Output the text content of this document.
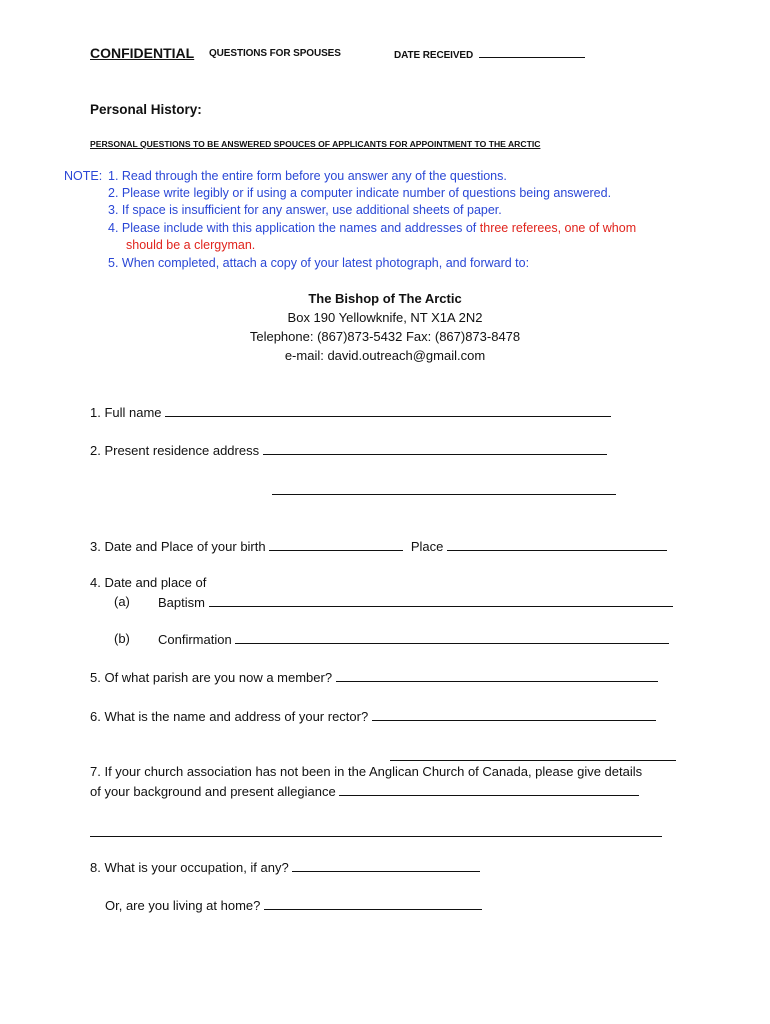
CONFIDENTIAL QUESTIONS FOR SPOUSES	DATE RECEIVED
Personal History:
PERSONAL QUESTIONS TO BE ANSWERED SPOUCES OF APPLICANTS FOR APPOINTMENT TO THE ARCTIC
NOTE: 1. Read through the entire form before you answer any of the questions.
2. Please write legibly or if using a computer indicate number of questions being answered.
3. If space is insufficient for any answer, use additional sheets of paper.
4. Please include with this application the names and addresses of three referees, one of whom
should be a clergyman.
5. When completed, attach a copy of your latest photograph, and forward to:
The Bishop of The Arctic
Box 190 Yellowknife, NT X1A 2N2
Telephone: (867)873-5432 Fax: (867)873-8478
e-mail: david.outreach@gmail.com
1. Full name
2. Present residence address
3. Date and Place of your birth	Place
4. Date and place of
(a) Baptism
(b) Confirmation
5. Of what parish are you now a member?
6. What is the name and address of your rector?
7. If your church association has not been in the Anglican Church of Canada, please give details
of your background and present allegiance
8. What is your occupation, if any?
Or, are you living at home?
